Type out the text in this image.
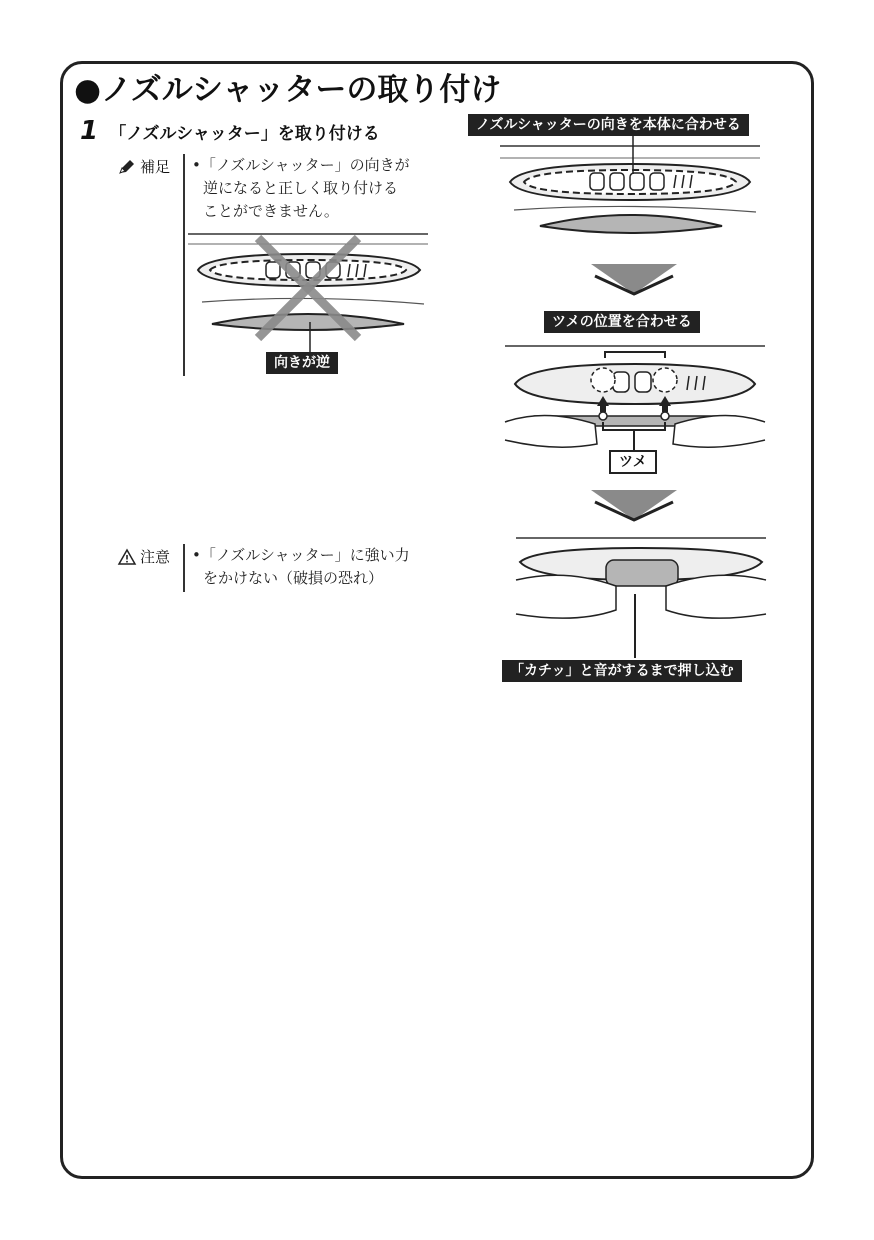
●ノズルシャッターの取り付け
1 「ノズルシャッター」を取り付ける
補足 •「ノズルシャッター」の向きが
逆になると正しく取り付ける
ことができません。
向きが逆
注意 •「ノズルシャッター」に強い力
をかけない（破損の恐れ）
ノズルシャッターの向きを本体に合わせる
ツメの位置を合わせる
ツメ
「カチッ」と音がするまで押し込む
